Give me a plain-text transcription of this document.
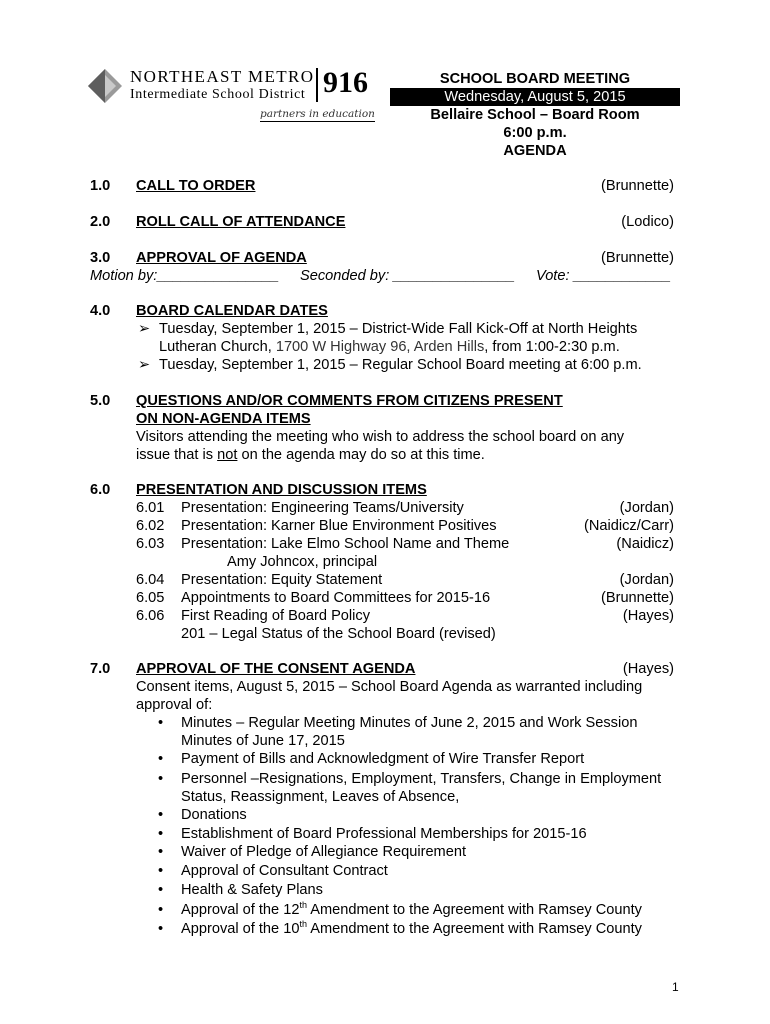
NORTHEAST METRO
Intermediate School District 916
partners in education
SCHOOL BOARD MEETING
Wednesday, August 5, 2015
Bellaire School – Board Room
6:00 p.m.
AGENDA
1.0 CALL TO ORDER	(Brunnette)
2.0 ROLL CALL OF ATTENDANCE	(Lodico)
3.0 APPROVAL OF AGENDA	(Brunnette)
Motion by:_______________ Seconded by: _______________ Vote: ____________
4.0 BOARD CALENDAR DATES
➢ Tuesday, September 1, 2015 – District-Wide Fall Kick-Off at North Heights
Lutheran Church, 1700 W Highway 96, Arden Hills, from 1:00-2:30 p.m.
➢ Tuesday, September 1, 2015 – Regular School Board meeting at 6:00 p.m.
5.0 QUESTIONS AND/OR COMMENTS FROM CITIZENS PRESENT
ON NON-AGENDA ITEMS
Visitors attending the meeting who wish to address the school board on any
issue that is not on the agenda may do so at this time.
6.0 PRESENTATION AND DISCUSSION ITEMS
6.01 Presentation: Engineering Teams/University	(Jordan)
6.02 Presentation: Karner Blue Environment Positives	(Naidicz/Carr)
6.03 Presentation: Lake Elmo School Name and Theme	(Naidicz)
Amy Johncox, principal
6.04 Presentation: Equity Statement	(Jordan)
6.05 Appointments to Board Committees for 2015-16	(Brunnette)
6.06 First Reading of Board Policy	(Hayes)
201 – Legal Status of the School Board (revised)
7.0 APPROVAL OF THE CONSENT AGENDA	(Hayes)
Consent items, August 5, 2015 – School Board Agenda as warranted including
approval of:
• Minutes – Regular Meeting Minutes of June 2, 2015 and Work Session
Minutes of June 17, 2015
• Payment of Bills and Acknowledgment of Wire Transfer Report
• Personnel –Resignations, Employment, Transfers, Change in Employment
Status, Reassignment, Leaves of Absence,
• Donations
• Establishment of Board Professional Memberships for 2015-16
• Waiver of Pledge of Allegiance Requirement
• Approval of Consultant Contract
• Health & Safety Plans
• Approval of the 12th Amendment to the Agreement with Ramsey County
• Approval of the 10th Amendment to the Agreement with Ramsey County
1
